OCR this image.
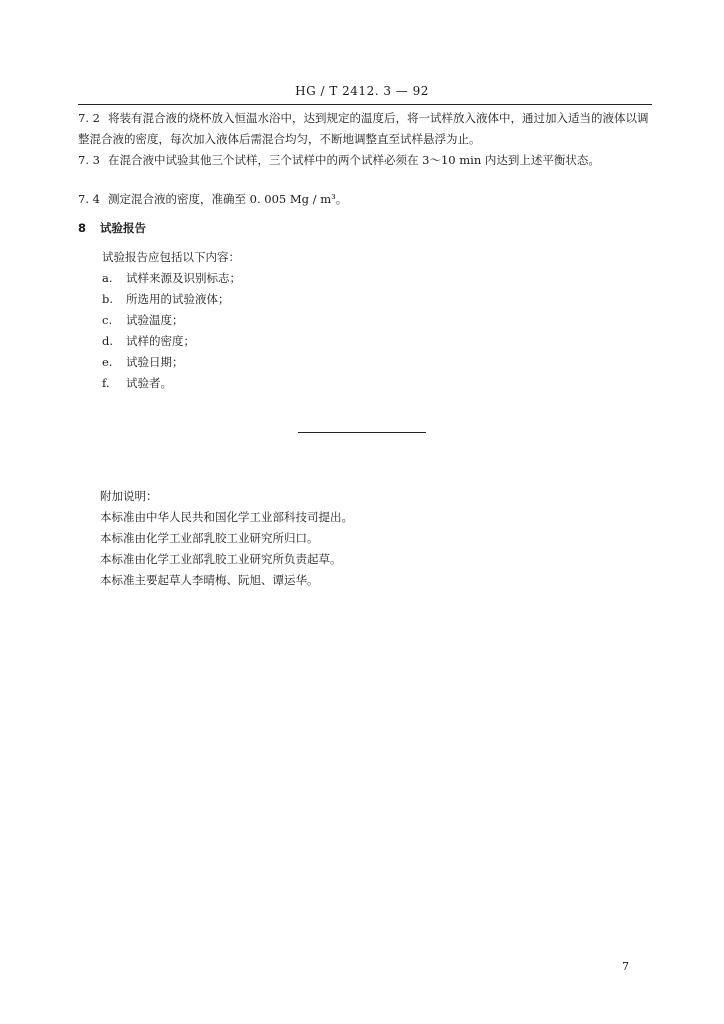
HG / T 2412. 3 — 92
7. 2 将装有混合液的烧杯放入恒温水浴中，达到规定的温度后，将一试样放入液体中，通过加入适当的液体以调整混合液的密度，每次加入液体后需混合均匀，不断地调整直至试样悬浮为止。
7. 3 在混合液中试验其他三个试样，三个试样中的两个试样必须在 3～10 min 内达到上述平衡状态。
7. 4 测定混合液的密度，准确至 0. 005 Mg / m³。
8 试验报告
试验报告应包括以下内容：
a. 试样来源及识别标志；
b. 所选用的试验液体；
c. 试验温度；
d. 试样的密度；
e. 试验日期；
f. 试验者。
附加说明：
本标准由中华人民共和国化学工业部科技司提出。
本标准由化学工业部乳胶工业研究所归口。
本标准由化学工业部乳胶工业研究所负责起草。
本标准主要起草人李晴梅、阮旭、谭运华。
7
